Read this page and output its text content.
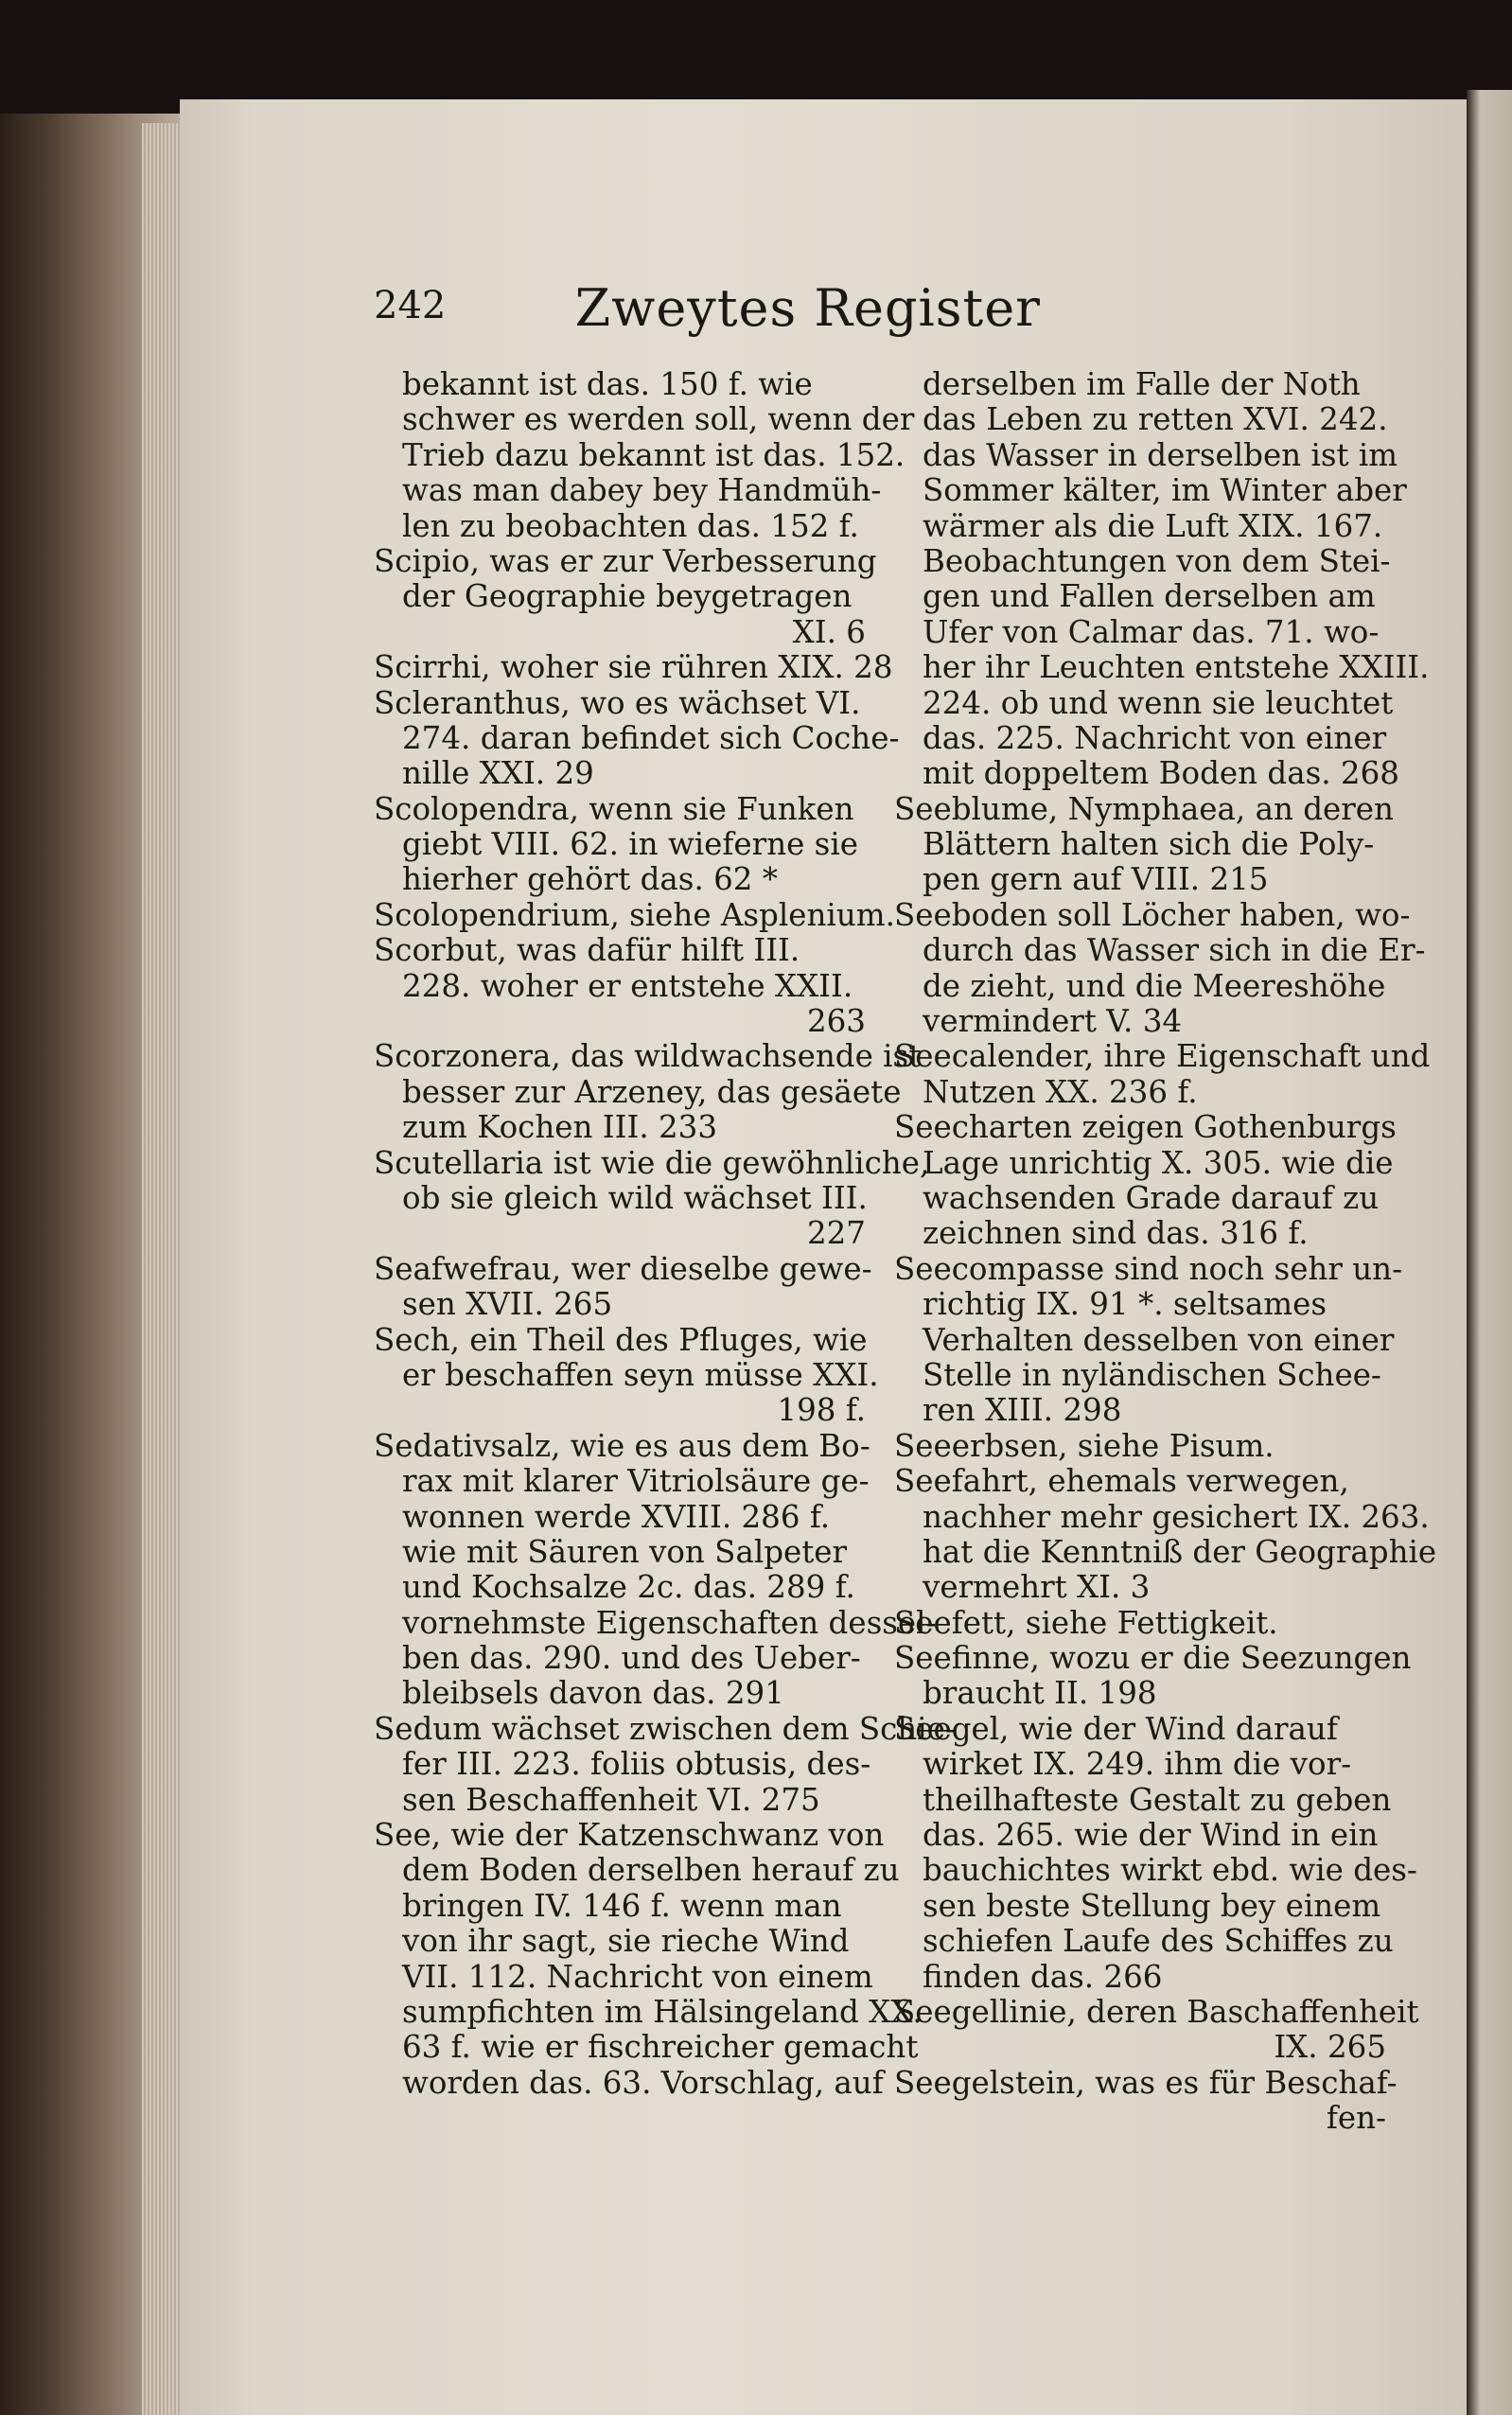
242	Zweytes Register
bekannt ist das. 150 f. wie
schwer es werden soll, wenn der
Trieb dazu bekannt ist das. 152.
was man dabey bey Handmüh-
len zu beobachten das. 152 f.
Scipio, was er zur Verbesserung
der Geographie beygetragen
XI. 6
Scirrhi, woher sie rühren XIX. 28
Scleranthus, wo es wächset VI.
274. daran befindet sich Coche-
nille XXI. 29
Scolopendra, wenn sie Funken
giebt VIII. 62. in wieferne sie
hierher gehört das. 62 *
Scolopendrium, siehe Asplenium.
Scorbut, was dafür hilft III.
228. woher er entstehe XXII.
263
Scorzonera, das wildwachsende ist
besser zur Arzeney, das gesäete
zum Kochen III. 233
Scutellaria ist wie die gewöhnliche,
ob sie gleich wild wächset III.
227
Seafwefrau, wer dieselbe gewe-
sen XVII. 265
Sech, ein Theil des Pfluges, wie
er beschaffen seyn müsse XXI.
198 f.
Sedativsalz, wie es aus dem Bo-
rax mit klarer Vitriolsäure ge-
wonnen werde XVIII. 286 f.
wie mit Säuren von Salpeter
und Kochsalze 2c. das. 289 f.
vornehmste Eigenschaften dessel-
ben das. 290. und des Ueber-
bleibsels davon das. 291
Sedum wächset zwischen dem Schie-
fer III. 223. foliis obtusis, des-
sen Beschaffenheit VI. 275
See, wie der Katzenschwanz von
dem Boden derselben herauf zu
bringen IV. 146 f. wenn man
von ihr sagt, sie rieche Wind
VII. 112. Nachricht von einem
sumpfichten im Hälsingeland XX.
63 f. wie er fischreicher gemacht
worden das. 63. Vorschlag, auf
derselben im Falle der Noth
das Leben zu retten XVI. 242.
das Wasser in derselben ist im
Sommer kälter, im Winter aber
wärmer als die Luft XIX. 167.
Beobachtungen von dem Stei-
gen und Fallen derselben am
Ufer von Calmar das. 71. wo-
her ihr Leuchten entstehe XXIII.
224. ob und wenn sie leuchtet
das. 225. Nachricht von einer
mit doppeltem Boden das. 268
Seeblume, Nymphaea, an deren
Blättern halten sich die Poly-
pen gern auf VIII. 215
Seeboden soll Löcher haben, wo-
durch das Wasser sich in die Er-
de zieht, und die Meereshöhe
vermindert V. 34
Seecalender, ihre Eigenschaft und
Nutzen XX. 236 f.
Seecharten zeigen Gothenburgs
Lage unrichtig X. 305. wie die
wachsenden Grade darauf zu
zeichnen sind das. 316 f.
Seecompasse sind noch sehr un-
richtig IX. 91 *. seltsames
Verhalten desselben von einer
Stelle in nyländischen Schee-
ren XIII. 298
Seeerbsen, siehe Pisum.
Seefahrt, ehemals verwegen,
nachher mehr gesichert IX. 263.
hat die Kenntniß der Geographie
vermehrt XI. 3
Seefett, siehe Fettigkeit.
Seefinne, wozu er die Seezungen
braucht II. 198
Seegel, wie der Wind darauf
wirket IX. 249. ihm die vor-
theilhafteste Gestalt zu geben
das. 265. wie der Wind in ein
bauchichtes wirkt ebd. wie des-
sen beste Stellung bey einem
schiefen Laufe des Schiffes zu
finden das. 266
Seegellinie, deren Baschaffenheit
IX. 265
Seegelstein, was es für Beschaf-
fen-
